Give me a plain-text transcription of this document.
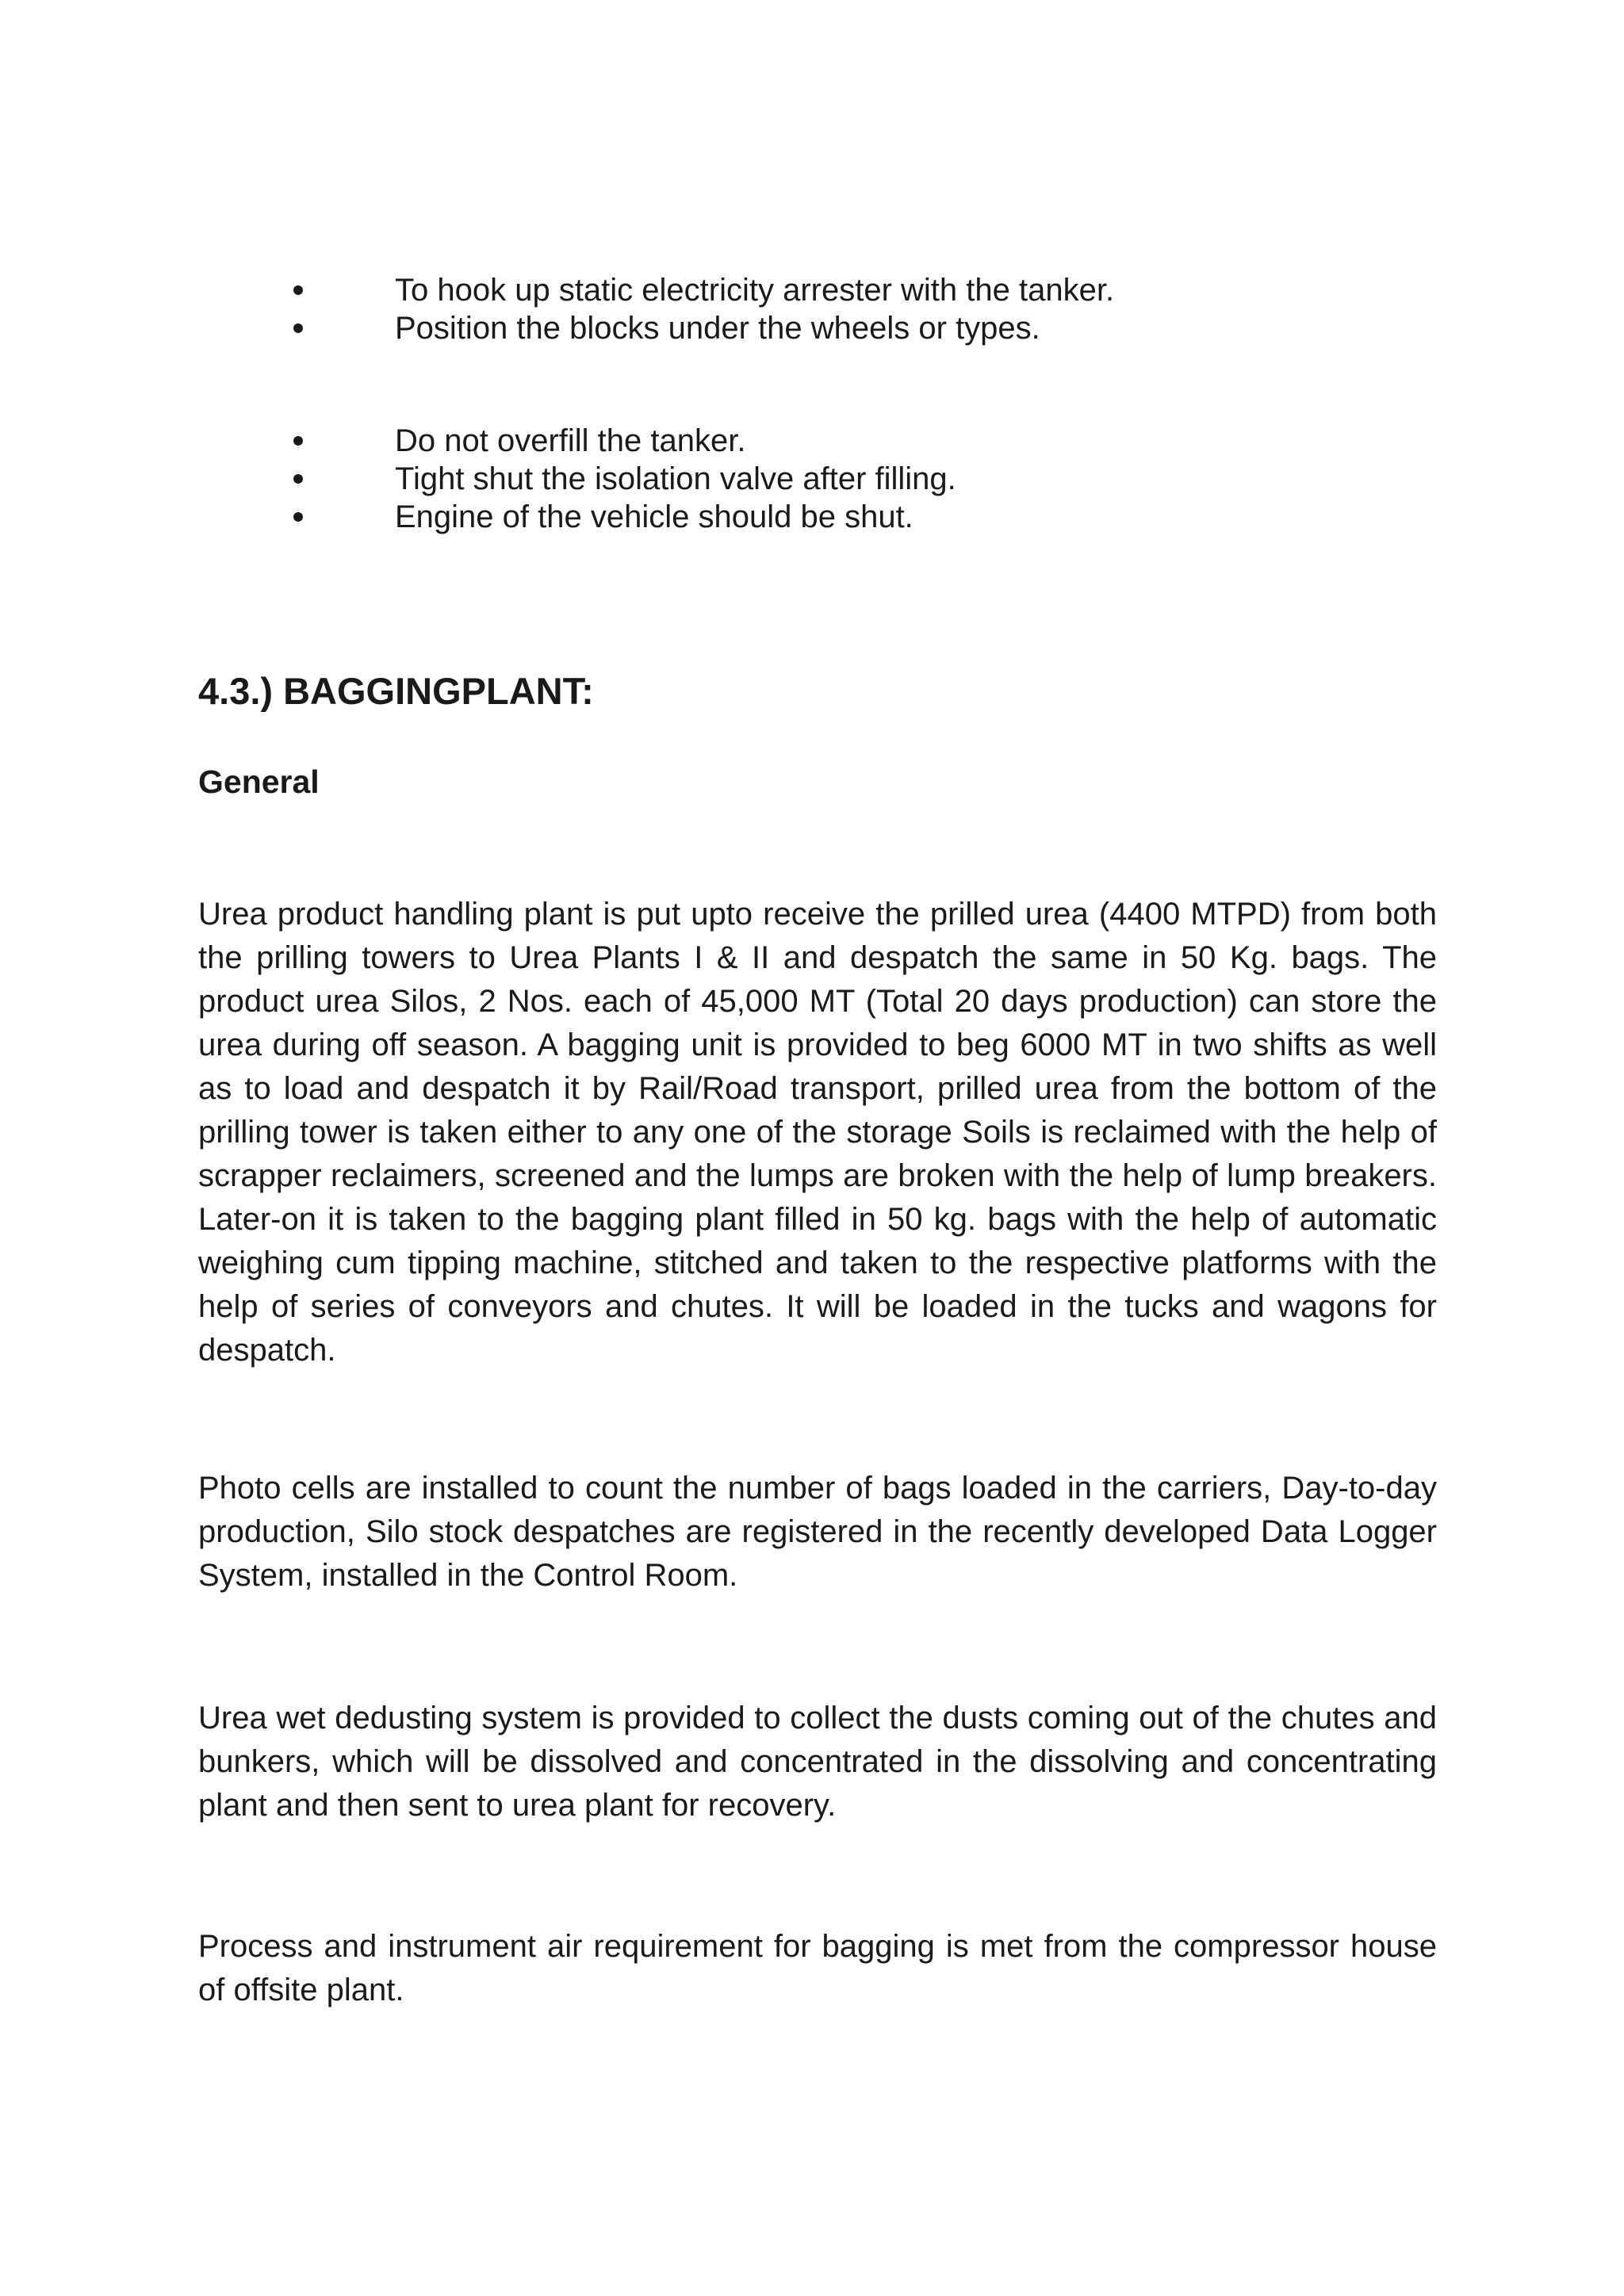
To hook up static electricity arrester with the tanker.
Position the blocks under the wheels or types.
Do not overfill the tanker.
Tight shut the isolation valve after filling.
Engine of the vehicle should be shut.
4.3.) BAGGINGPLANT:
General

Urea product handling plant is put upto receive the prilled urea (4400 MTPD) from both the prilling towers to Urea Plants I & II and despatch the same in 50 Kg. bags. The product urea Silos, 2 Nos. each of 45,000 MT (Total 20 days production) can store the urea during off season. A bagging unit is provided to beg 6000 MT in two shifts as well as to load and despatch it by Rail/Road transport, prilled urea from the bottom of the prilling tower is taken either to any one of the storage Soils is reclaimed with the help of scrapper reclaimers, screened and the lumps are broken with the help of lump breakers. Later-on it is taken to the bagging plant filled in 50 kg. bags with the help of automatic weighing cum tipping machine, stitched and taken to the respective platforms with the help of series of conveyors and chutes. It will be loaded in the tucks and wagons for despatch.

Photo cells are installed to count the number of bags loaded in the carriers, Day-to-day production, Silo stock despatches are registered in the recently developed Data Logger System, installed in the Control Room.

Urea wet dedusting system is provided to collect the dusts coming out of the chutes and bunkers, which will be dissolved and concentrated in the dissolving and concentrating plant and then sent to urea plant for recovery.

Process and instrument air requirement for bagging is met from the compressor house of offsite plant.
